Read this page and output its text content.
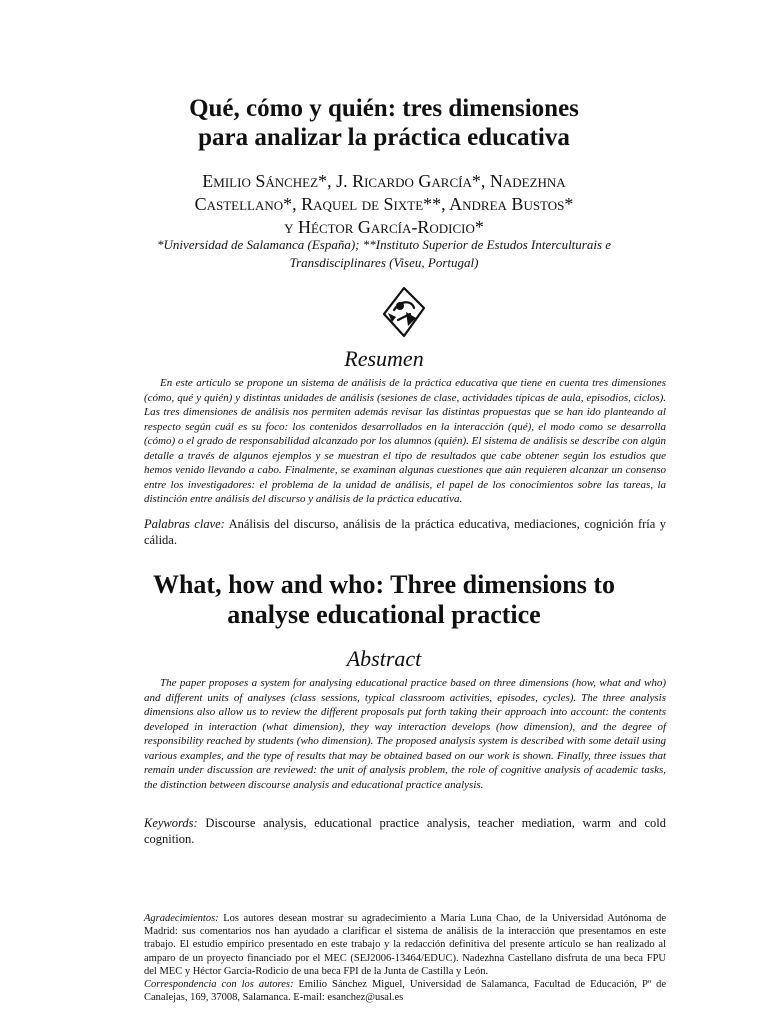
Qué, cómo y quién: tres dimensiones
para analizar la práctica educativa
Emilio Sánchez*, J. Ricardo García*, Nadezhna
Castellano*, Raquel de Sixte**, Andrea Bustos*
y Héctor García-Rodicio*
*Universidad de Salamanca (España); **Instituto Superior de Estudos Interculturais e Transdisciplinares (Viseu, Portugal)
Resumen
En este artículo se propone un sistema de análisis de la práctica educativa que tiene en cuenta tres dimensiones (cómo, qué y quién) y distintas unidades de análisis (sesiones de clase, actividades típicas de aula, episodios, ciclos). Las tres dimensiones de análisis nos permiten además revisar las distintas propuestas que se han ido planteando al respecto según cuál es su foco: los contenidos desarrollados en la interacción (qué), el modo como se desarrolla (cómo) o el grado de responsabilidad alcanzado por los alumnos (quién). El sistema de análisis se describe con algún detalle a través de algunos ejemplos y se muestran el tipo de resultados que cabe obtener según los estudios que hemos venido llevando a cabo. Finalmente, se examinan algunas cuestiones que aún requieren alcanzar un consenso entre los investigadores: el problema de la unidad de análisis, el papel de los conocimientos sobre las tareas, la distinción entre análisis del discurso y análisis de la práctica educativa.
Palabras clave: Análisis del discurso, análisis de la práctica educativa, mediaciones, cognición fría y cálida.
What, how and who: Three dimensions to
analyse educational practice
Abstract
The paper proposes a system for analysing educational practice based on three dimensions (how, what and who) and different units of analyses (class sessions, typical classroom activities, episodes, cycles). The three analysis dimensions also allow us to review the different proposals put forth taking their approach into account: the contents developed in interaction (what dimension), they way interaction develops (how dimension), and the degree of responsibility reached by students (who dimension). The proposed analysis system is described with some detail using various examples, and the type of results that may be obtained based on our work is shown. Finally, three issues that remain under discussion are reviewed: the unit of analysis problem, the role of cognitive analysis of academic tasks, the distinction between discourse analysis and educational practice analysis.
Keywords: Discourse analysis, educational practice analysis, teacher mediation, warm and cold cognition.

Agradecimientos: Los autores desean mostrar su agradecimiento a María Luna Chao, de la Universidad Autónoma de Madrid: sus comentarios nos han ayudado a clarificar el sistema de análisis de la interacción que presentamos en este trabajo. El estudio empírico presentado en este trabajo y la redacción definitiva del presente artículo se han realizado al amparo de un proyecto financiado por el MEC (SEJ2006-13464/EDUC). Nadezhna Castellano disfruta de una beca FPU del MEC y Héctor García-Rodicio de una beca FPI de la Junta de Castilla y León.

Correspondencia con los autores: Emilio Sánchez Miguel, Universidad de Salamanca, Facultad de Educación, Pº de Canalejas, 169, 37008, Salamanca. E-mail: esanchez@usal.es
